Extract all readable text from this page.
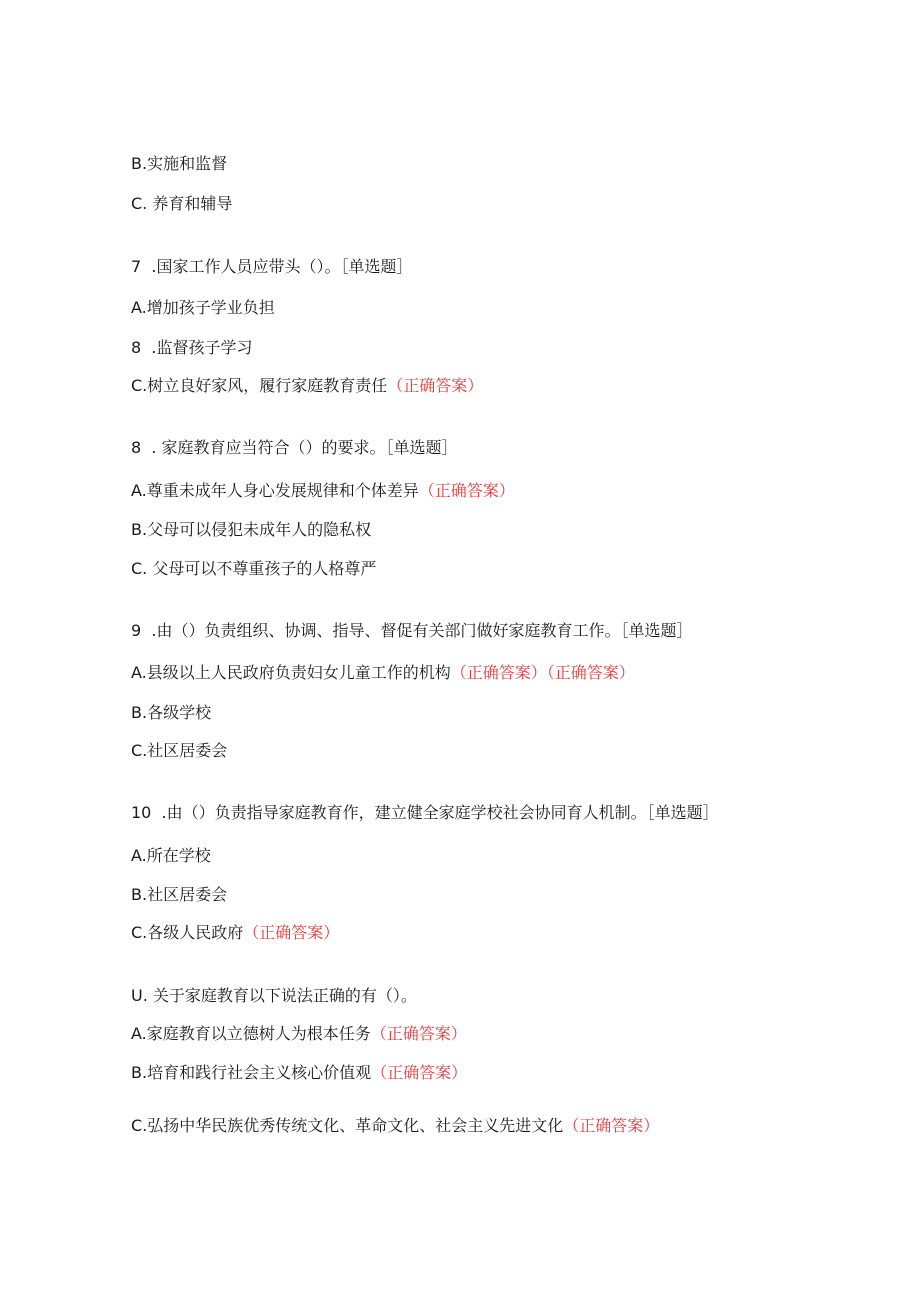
B.实施和监督
C. 养育和辅导
7  .国家工作人员应带头（）。［单选题］
A.增加孩子学业负担
8  .监督孩子学习
C.树立良好家风，履行家庭教育责任（正确答案）
8  . 家庭教育应当符合（）的要求。［单选题］
A.尊重未成年人身心发展规律和个体差异（正确答案）
B.父母可以侵犯未成年人的隐私权
C. 父母可以不尊重孩子的人格尊严
9  .由（）负责组织、协调、指导、督促有关部门做好家庭教育工作。［单选题］
A.县级以上人民政府负责妇女儿童工作的机构（正确答案）（正确答案）
B.各级学校
C.社区居委会
10  .由（）负责指导家庭教育作，建立健全家庭学校社会协同育人机制。［单选题］
A.所在学校
B.社区居委会
C.各级人民政府（正确答案）
U. 关于家庭教育以下说法正确的有（）。
A.家庭教育以立德树人为根本任务（正确答案）
B.培育和践行社会主义核心价值观（正确答案）
C.弘扬中华民族优秀传统文化、革命文化、社会主义先进文化（正确答案）
